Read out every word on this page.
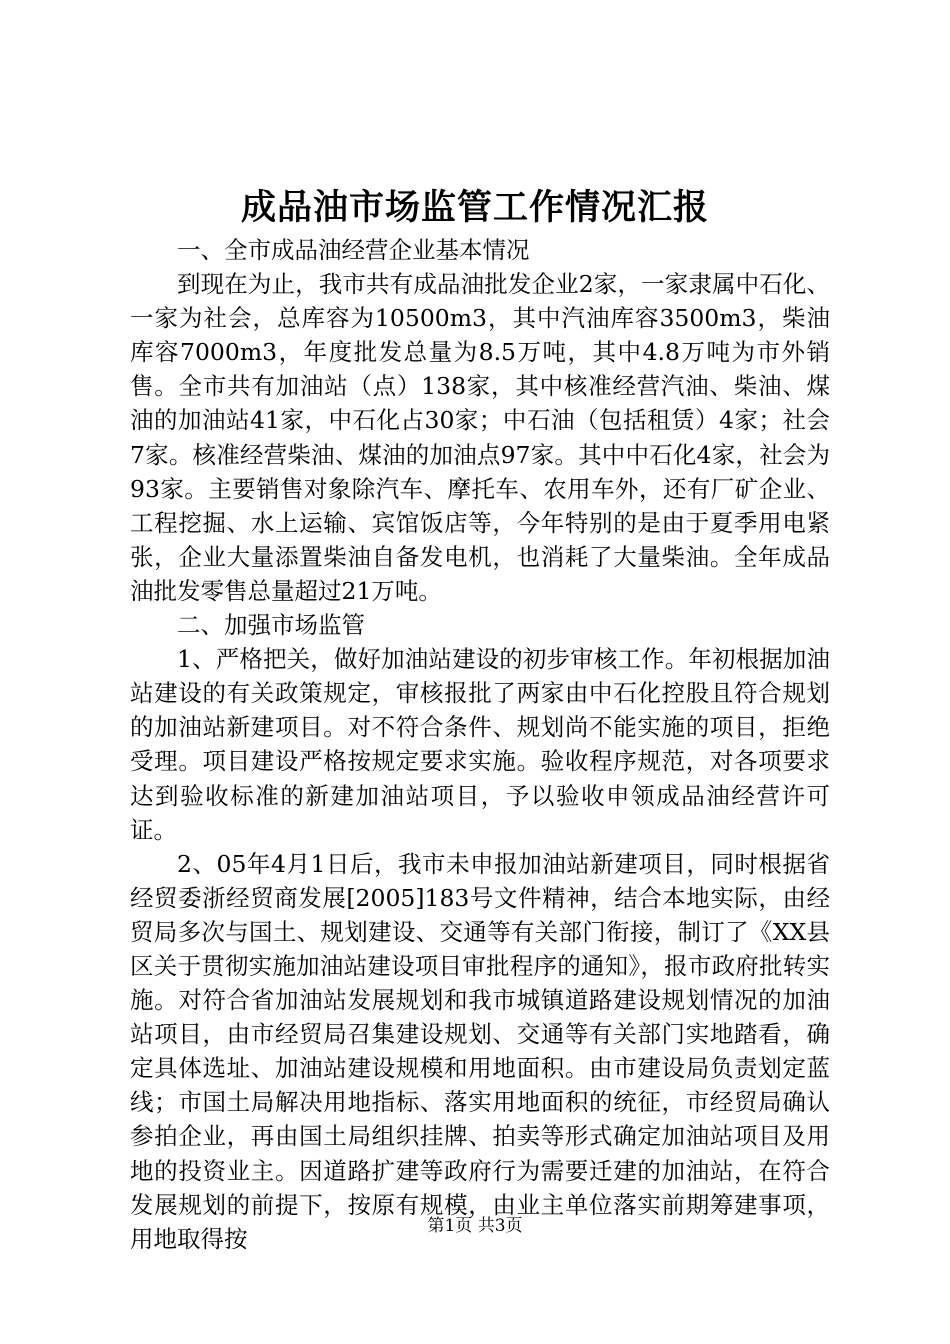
成品油市场监管工作情况汇报

一、全市成品油经营企业基本情况

到现在为止，我市共有成品油批发企业2家，一家隶属中石化、一家为社会，总库容为10500m3，其中汽油库容3500m3，柴油库容7000m3，年度批发总量为8.5万吨，其中4.8万吨为市外销售。全市共有加油站（点）138家，其中核准经营汽油、柴油、煤油的加油站41家，中石化占30家；中石油（包括租赁）4家；社会7家。核准经营柴油、煤油的加油点97家。其中中石化4家，社会为93家。主要销售对象除汽车、摩托车、农用车外，还有厂矿企业、工程挖掘、水上运输、宾馆饭店等，今年特别的是由于夏季用电紧张，企业大量添置柴油自备发电机，也消耗了大量柴油。全年成品油批发零售总量超过21万吨。

二、加强市场监管

1、严格把关，做好加油站建设的初步审核工作。年初根据加油站建设的有关政策规定，审核报批了两家由中石化控股且符合规划的加油站新建项目。对不符合条件、规划尚不能实施的项目，拒绝受理。项目建设严格按规定要求实施。验收程序规范，对各项要求达到验收标准的新建加油站项目，予以验收申领成品油经营许可证。

2、05年4月1日后，我市未申报加油站新建项目，同时根据省经贸委浙经贸商发展[2005]183号文件精神，结合本地实际，由经贸局多次与国土、规划建设、交通等有关部门衔接，制订了《XX县区关于贯彻实施加油站建设项目审批程序的通知》，报市政府批转实施。对符合省加油站发展规划和我市城镇道路建设规划情况的加油站项目，由市经贸局召集建设规划、交通等有关部门实地踏看，确定具体选址、加油站建设规模和用地面积。由市建设局负责划定蓝线；市国土局解决用地指标、落实用地面积的统征，市经贸局确认参拍企业，再由国土局组织挂牌、拍卖等形式确定加油站项目及用地的投资业主。因道路扩建等政府行为需要迁建的加油站，在符合发展规划的前提下，按原有规模，由业主单位落实前期筹建事项，用地取得按	第1页 共3页
